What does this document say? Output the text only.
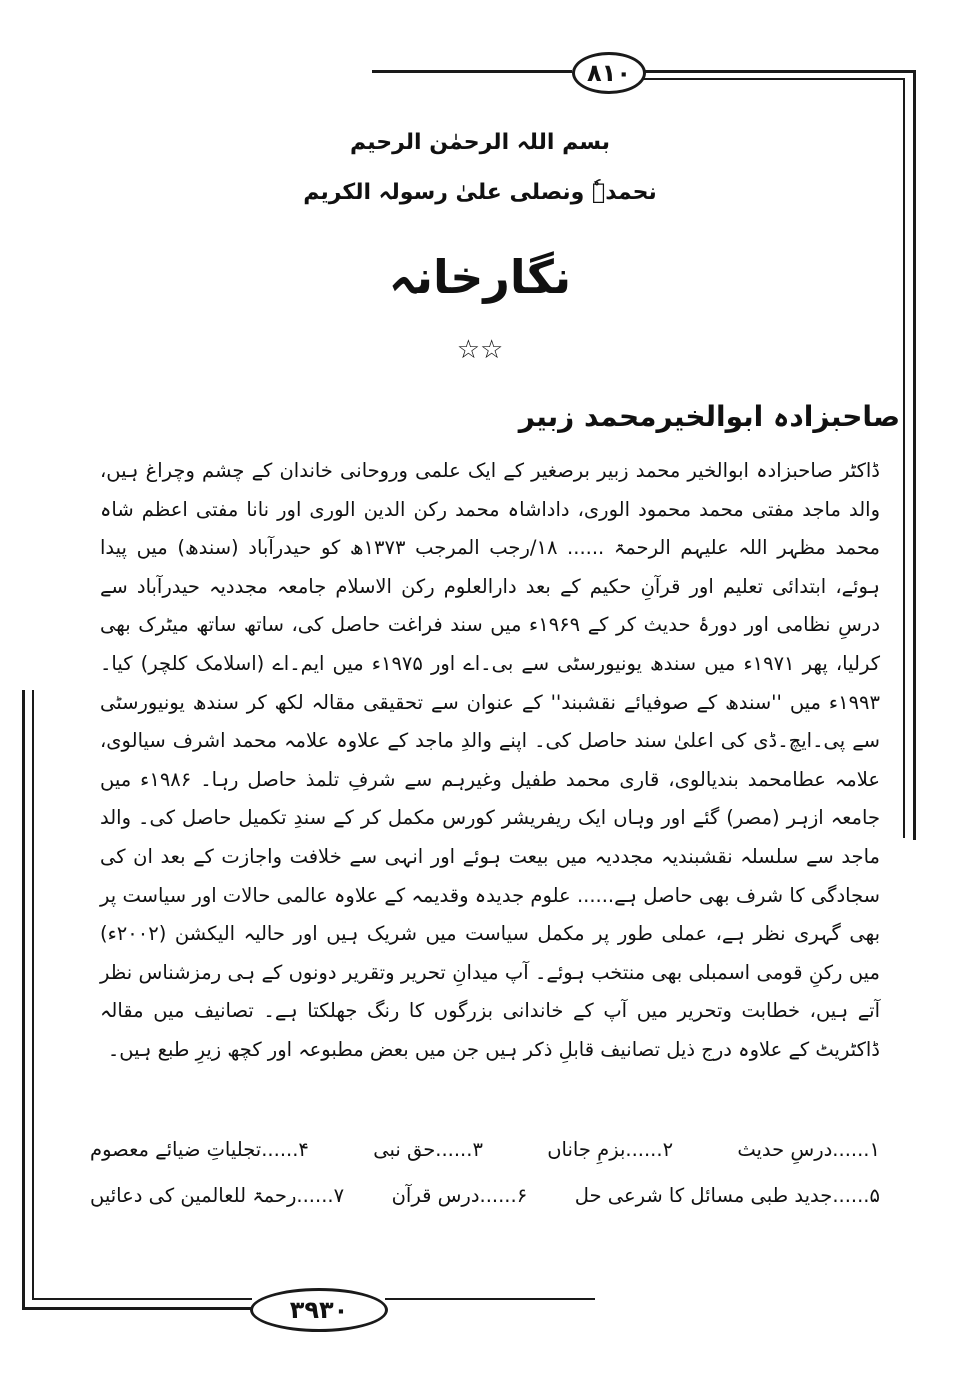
۸۱۰
۳۹۳۰
بسم اللہ الرحمٰن الرحیم
نحمدہٗ ونصلی علیٰ رسولہ الکریم
نگارخانہ
☆☆
صاحبزادہ ابوالخیرمحمد زبیر

ڈاکٹر صاحبزادہ ابوالخیر محمد زبیر برصغیر کے ایک علمی وروحانی خاندان کے چشم وچراغ ہیں، والد ماجد مفتی محمد محمود الوری، داداشاہ محمد رکن الدین الوری اور نانا مفتی اعظم شاہ محمد مظہر اللہ علیہم الرحمۃ ...... ۱۸/رجب المرجب ۱۳۷۳ھ کو حیدرآباد (سندھ) میں پیدا ہوئے، ابتدائی تعلیم اور قرآنِ حکیم کے بعد دارالعلوم رکن الاسلام جامعہ مجددیہ حیدرآباد سے درسِ نظامی اور دورۂ حدیث کر کے ۱۹۶۹ء میں سند فراغت حاصل کی، ساتھ ساتھ میٹرک بھی کرلیا، پھر ۱۹۷۱ء میں سندھ یونیورسٹی سے بی۔اے اور ۱۹۷۵ء میں ایم۔اے (اسلامک کلچر) کیا۔ ۱۹۹۳ء میں ''سندھ کے صوفیائے نقشبند'' کے عنوان سے تحقیقی مقالہ لکھ کر سندھ یونیورسٹی سے پی۔ایچ۔ڈی کی اعلیٰ سند حاصل کی۔ اپنے والدِ ماجد کے علاوہ علامہ محمد اشرف سیالوی، علامہ عطامحمد بندیالوی، قاری محمد طفیل وغیرہم سے شرفِ تلمذ حاصل رہا۔ ۱۹۸۶ء میں جامعہ ازہر (مصر) گئے اور وہاں ایک ریفریشر کورس مکمل کر کے سندِ تکمیل حاصل کی۔ والد ماجد سے سلسلہ نقشبندیہ مجددیہ میں بیعت ہوئے اور انہی سے خلافت واجازت کے بعد ان کی سجادگی کا شرف بھی حاصل ہے...... علوم جدیدہ وقدیمہ کے علاوہ عالمی حالات اور سیاست پر بھی گہری نظر ہے، عملی طور پر مکمل سیاست میں شریک ہیں اور حالیہ الیکشن (۲۰۰۲ء) میں رکنِ قومی اسمبلی بھی منتخب ہوئے۔ آپ میدانِ تحریر وتقریر دونوں کے ہی رمزشناس نظر آتے ہیں، خطابت وتحریر میں آپ کے خاندانی بزرگوں کا رنگ جھلکتا ہے۔ تصانیف میں مقالہ ڈاکٹریٹ کے علاوہ درج ذیل تصانیف قابلِ ذکر ہیں جن میں بعض مطبوعہ اور کچھ زیرِ طبع ہیں۔

۱......درسِ حدیث
۲......بزمِ جاناں
۳......حق نبی
۴......تجلیاتِ ضیائے معصوم
۵......جدید طبی مسائل کا شرعی حل
۶......درس قرآن
۷......رحمۃ للعالمین کی دعائیں
